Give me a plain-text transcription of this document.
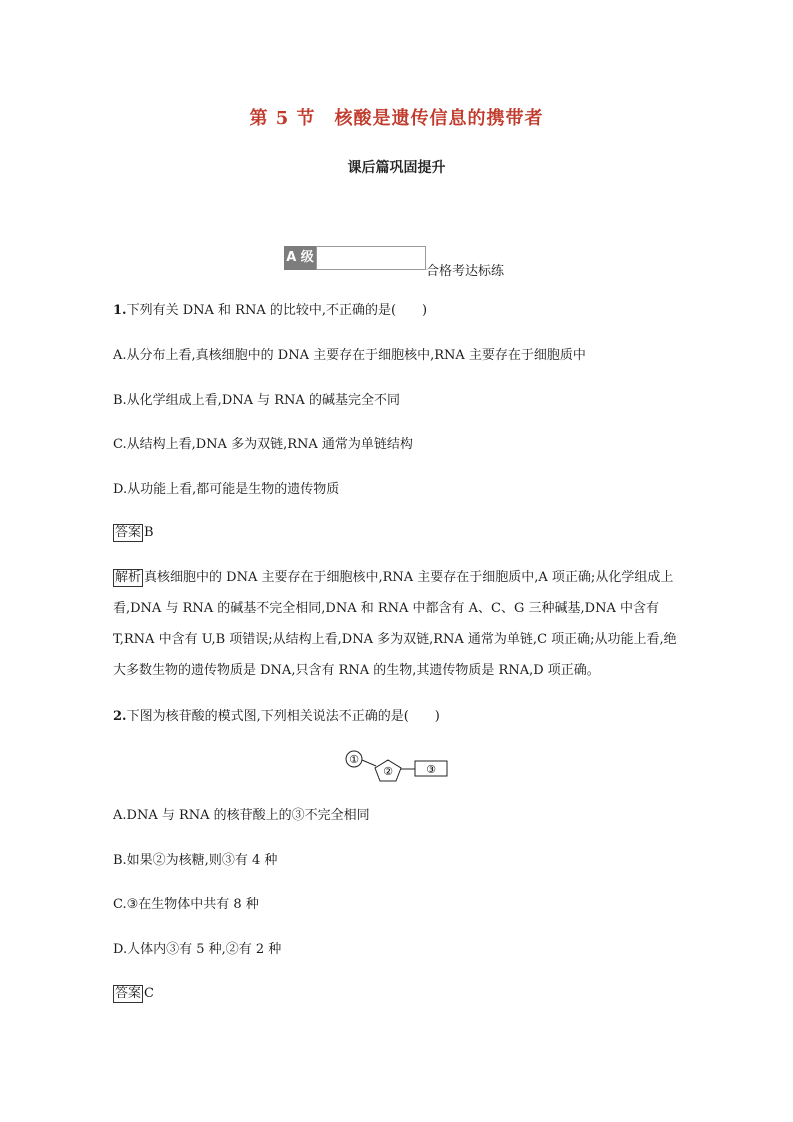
第 5 节　核酸是遗传信息的携带者
课后篇巩固提升
A 级
合格考达标练
1.下列有关 DNA 和 RNA 的比较中,不正确的是(　　)
A.从分布上看,真核细胞中的 DNA 主要存在于细胞核中,RNA 主要存在于细胞质中
B.从化学组成上看,DNA 与 RNA 的碱基完全不同
C.从结构上看,DNA 多为双链,RNA 通常为单链结构
D.从功能上看,都可能是生物的遗传物质
答案 B
解析 真核细胞中的 DNA 主要存在于细胞核中,RNA 主要存在于细胞质中,A 项正确;从化学组成上看,DNA 与 RNA 的碱基不完全相同,DNA 和 RNA 中都含有 A、C、G 三种碱基,DNA 中含有 T,RNA 中含有 U,B 项错误;从结构上看,DNA 多为双链,RNA 通常为单链,C 项正确;从功能上看,绝大多数生物的遗传物质是 DNA,只含有 RNA 的生物,其遗传物质是 RNA,D 项正确。
2.下图为核苷酸的模式图,下列相关说法不正确的是(　　)
①
②	③
A.DNA 与 RNA 的核苷酸上的③不完全相同
B.如果②为核糖,则③有 4 种
C.③在生物体中共有 8 种
D.人体内③有 5 种,②有 2 种
答案 C
